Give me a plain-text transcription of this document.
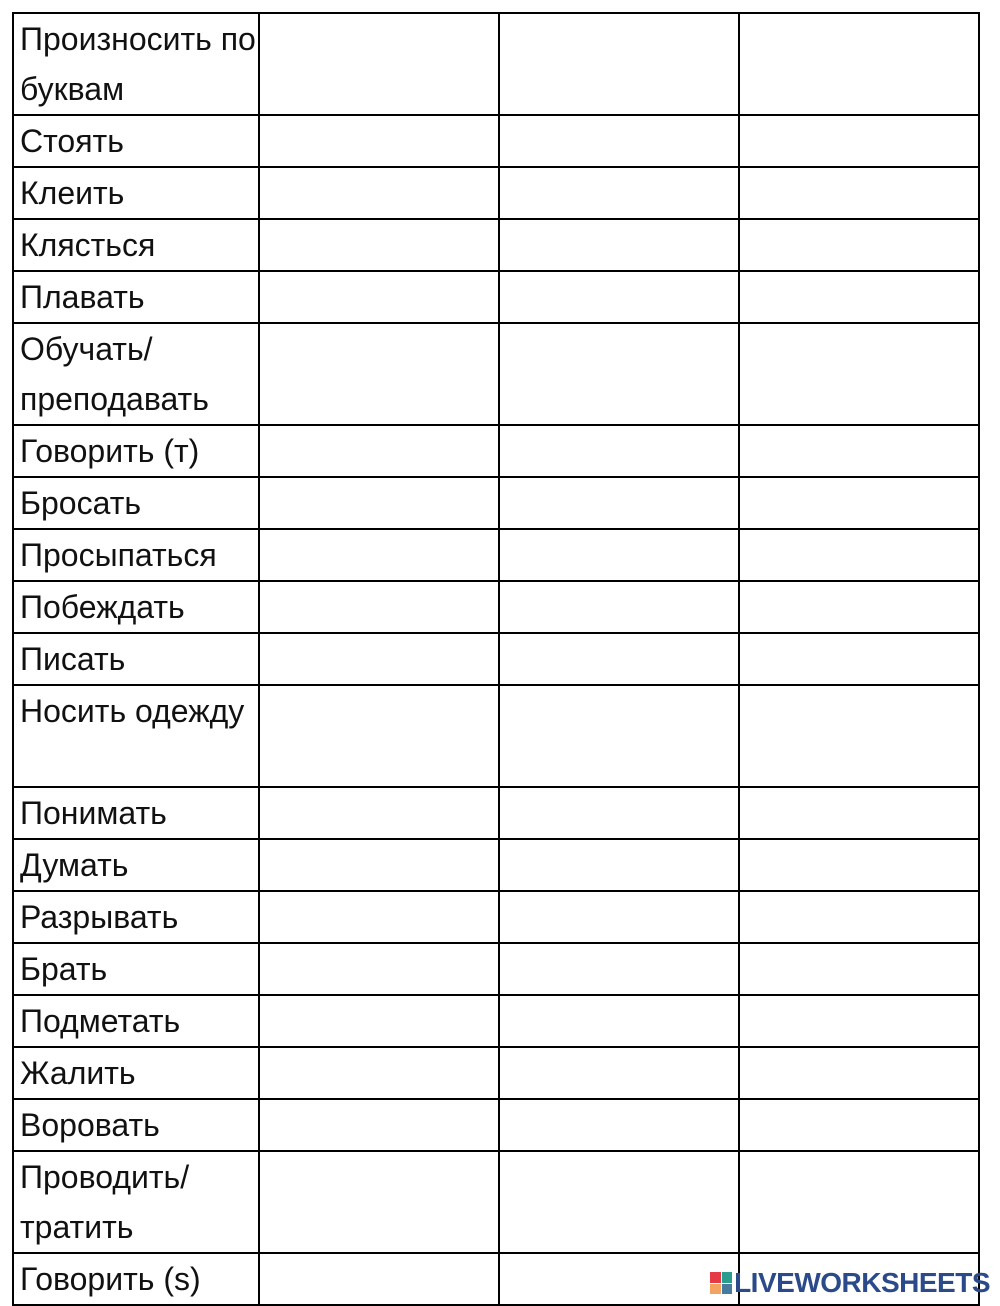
Произносить по буквам			
Стоять			
Клеить			
Клясться			
Плавать			
Обучать/ преподавать			
Говорить (т)			
Бросать			
Просыпаться			
Побеждать			
Писать			
Носить одежду			
Понимать			
Думать			
Разрывать			
Брать			
Подметать			
Жалить			
Воровать			
Проводить/ тратить			
Говорить (s)				LIVEWORKSHEETS
